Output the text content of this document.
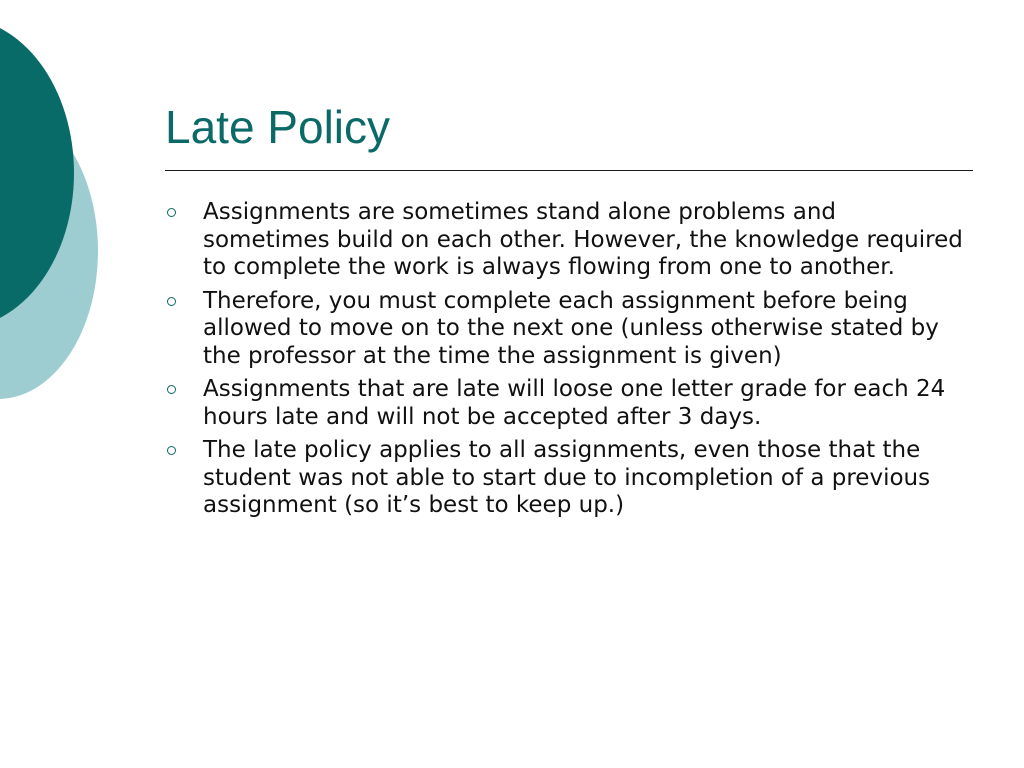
Late Policy
Assignments are sometimes stand alone problems and sometimes build on each other. However, the knowledge required to complete the work is always flowing from one to another.
Therefore, you must complete each assignment before being allowed to move on to the next one (unless otherwise stated by the professor at the time the assignment is given)
Assignments that are late will loose one letter grade for each 24 hours late and will not be accepted after 3 days.
The late policy applies to all assignments, even those that the student was not able to start due to incompletion of a previous assignment (so it’s best to keep up.)
